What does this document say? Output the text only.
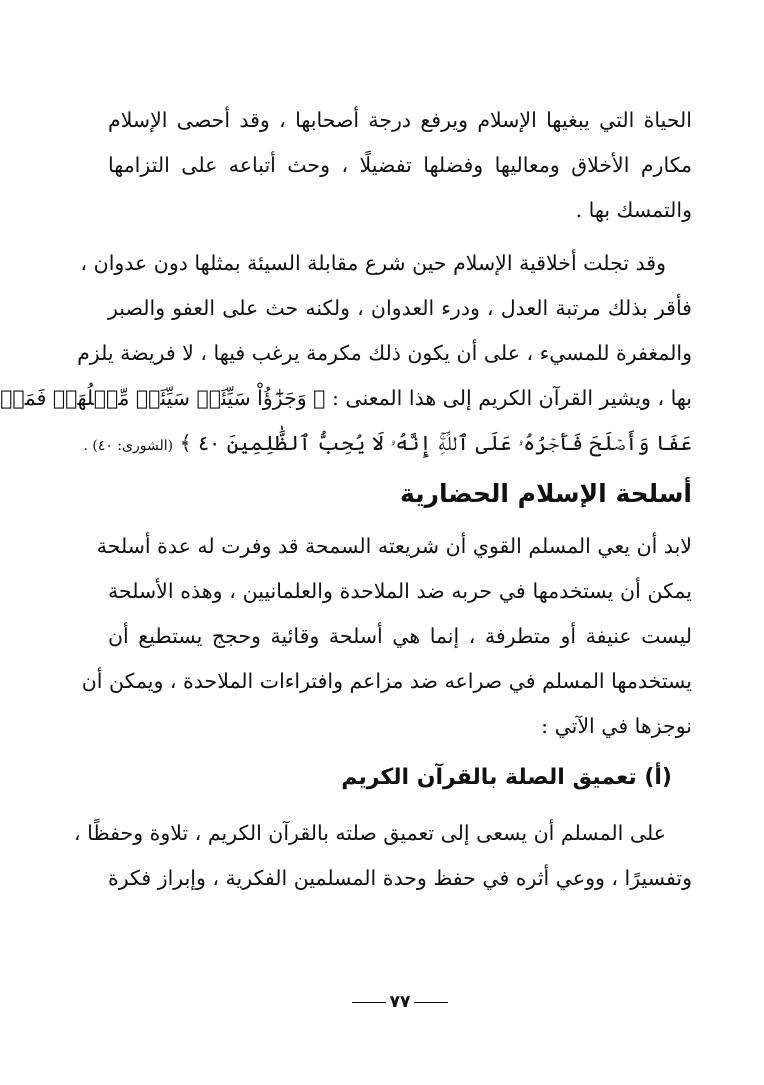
الحياة التي يبغيها الإسلام ويرفع درجة أصحابها ، وقد أحصى الإسلام
مكارم الأخلاق ومعاليها وفضلها تفضيلًا ، وحث أتباعه على التزامها
والتمسك بها .
وقد تجلت أخلاقية الإسلام حين شرع مقابلة السيئة بمثلها دون عدوان ،
فأقر بذلك مرتبة العدل ، ودرء العدوان ، ولكنه حث على العفو والصبر
والمغفرة للمسيء ، على أن يكون ذلك مكرمة يرغب فيها ، لا فريضة يلزم
بها ، ويشير القرآن الكريم إلى هذا المعنى : ﴿ وَجَزَٰٓؤُاْ سَيِّئَةٖ سَيِّئَةٞ مِّثۡلُهَاۖ فَمَنۡ
عَفَا وَأَصۡلَحَ فَأَجۡرُهُۥ عَلَى ٱللَّهِۚ إِنَّهُۥ لَا يُحِبُّ ٱلظَّٰلِمِينَ ٤٠ ﴾ (الشورى: ٤٠) .
أسلحة الإسلام الحضارية
لابد أن يعي المسلم القوي أن شريعته السمحة قد وفرت له عدة أسلحة
يمكن أن يستخدمها في حربه ضد الملاحدة والعلمانيين ، وهذه الأسلحة
ليست عنيفة أو متطرفة ، إنما هي أسلحة وقائية وحجج يستطيع أن
يستخدمها المسلم في صراعه ضد مزاعم وافتراءات الملاحدة ، ويمكن أن
نوجزها في الآتي :
(أ) تعميق الصلة بالقرآن الكريم
على المسلم أن يسعى إلى تعميق صلته بالقرآن الكريم ، تلاوة وحفظًا ،
وتفسيرًا ، ووعي أثره في حفظ وحدة المسلمين الفكرية ، وإبراز فكرة
٧٧
